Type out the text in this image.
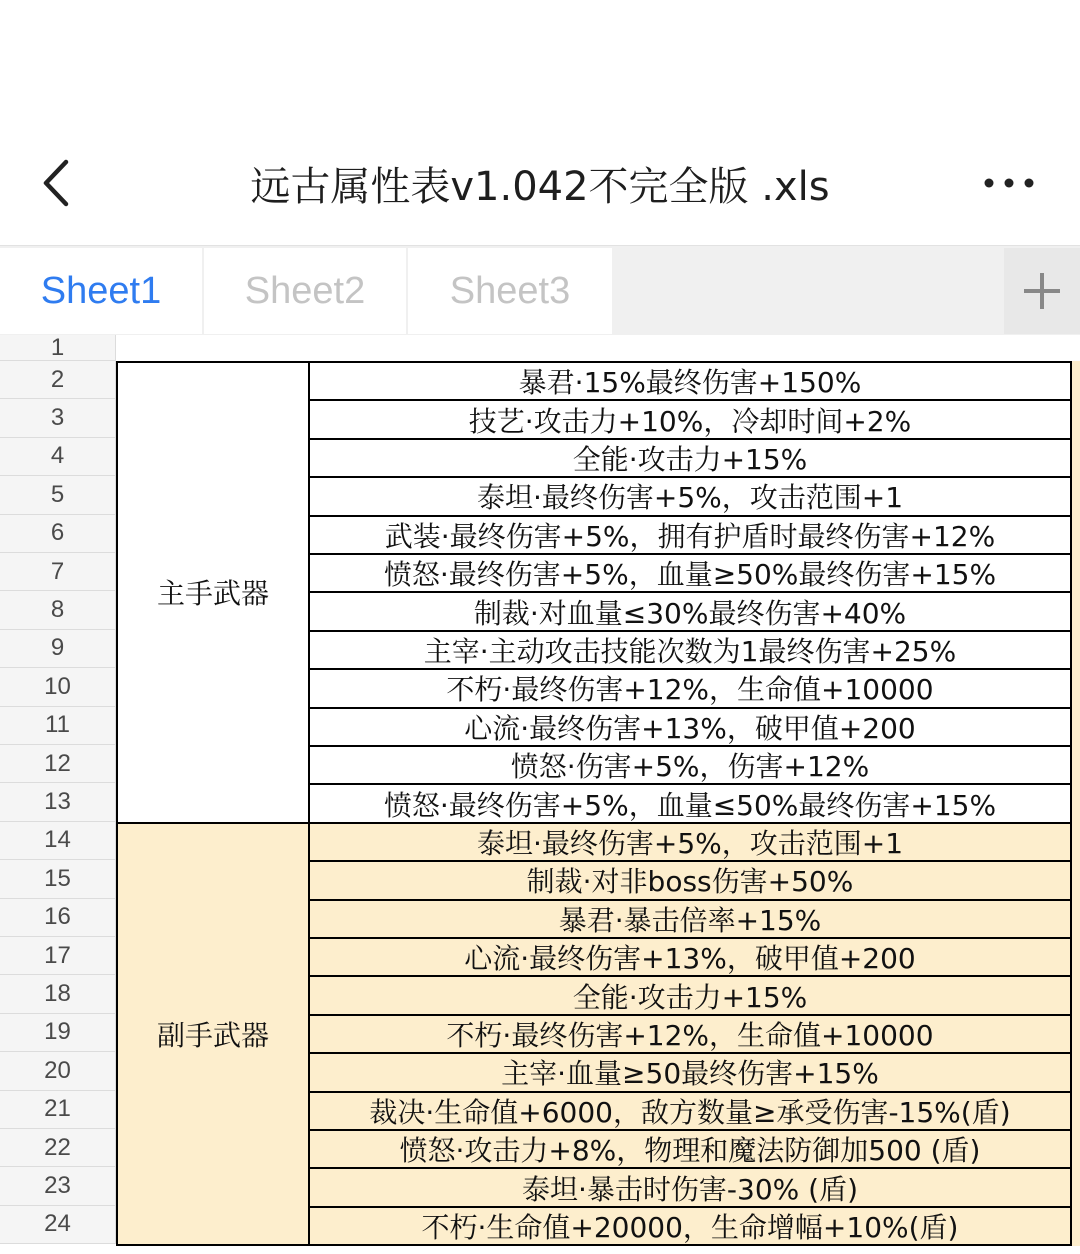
远古属性表v1.042不完全版 .xls
Sheet1	Sheet2	Sheet3
1
2
3
4
5
6
7
8
9
10
11
12
13
14
15
16
17
18
19
20
21
22
23
24
主手武器
暴君·15%最终伤害+150%
技艺·攻击力+10%，冷却时间+2%
全能·攻击力+15%
泰坦·最终伤害+5%，攻击范围+1
武装·最终伤害+5%，拥有护盾时最终伤害+12%
愤怒·最终伤害+5%，血量≥50%最终伤害+15%
制裁·对血量≤30%最终伤害+40%
主宰·主动攻击技能次数为1最终伤害+25%
不朽·最终伤害+12%，生命值+10000
心流·最终伤害+13%，破甲值+200
愤怒·伤害+5%，伤害+12%
愤怒·最终伤害+5%，血量≤50%最终伤害+15%
副手武器
泰坦·最终伤害+5%，攻击范围+1
制裁·对非boss伤害+50%
暴君·暴击倍率+15%
心流·最终伤害+13%，破甲值+200
全能·攻击力+15%
不朽·最终伤害+12%，生命值+10000
主宰·血量≥50最终伤害+15%
裁决·生命值+6000，敌方数量≥承受伤害-15%(盾)
愤怒·攻击力+8%，物理和魔法防御加500 (盾)
泰坦·暴击时伤害-30% (盾)
不朽·生命值+20000，生命增幅+10%(盾)
